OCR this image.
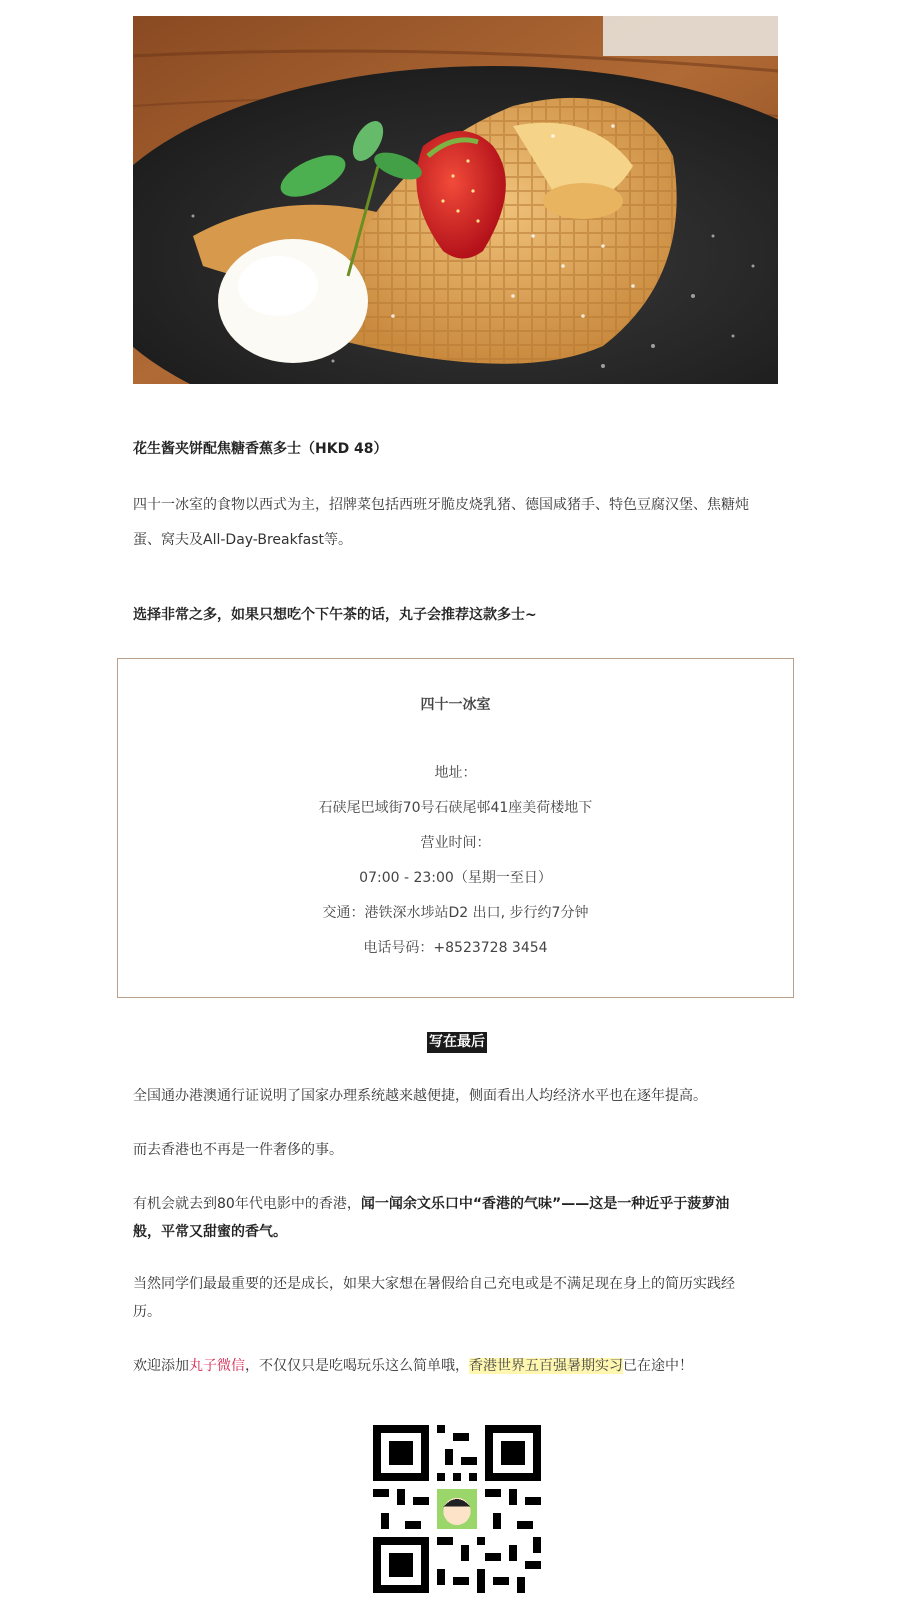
花生酱夹饼配焦糖香蕉多士（HKD 48）
四十一冰室的食物以西式为主，招牌菜包括西班牙脆皮烧乳猪、德国咸猪手、特色豆腐汉堡、焦糖炖
蛋、窝夫及All-Day-Breakfast等。
选择非常之多，如果只想吃个下午茶的话，丸子会推荐这款多士~
四十一冰室
地址：
石硖尾巴域街70号石硖尾邨41座美荷楼地下
营业时间：
07:00 - 23:00（星期一至日）
交通：港铁深水埗站D2 出口, 步行约7分钟
电话号码：+8523728 3454
写在最后
全国通办港澳通行证说明了国家办理系统越来越便捷，侧面看出人均经济水平也在逐年提高。
而去香港也不再是一件奢侈的事。
有机会就去到80年代电影中的香港，闻一闻余文乐口中“香港的气味”——这是一种近乎于菠萝油
般，平常又甜蜜的香气。
当然同学们最最重要的还是成长，如果大家想在暑假给自己充电或是不满足现在身上的简历实践经
历。
欢迎添加丸子微信，不仅仅只是吃喝玩乐这么简单哦，香港世界五百强暑期实习已在途中！
